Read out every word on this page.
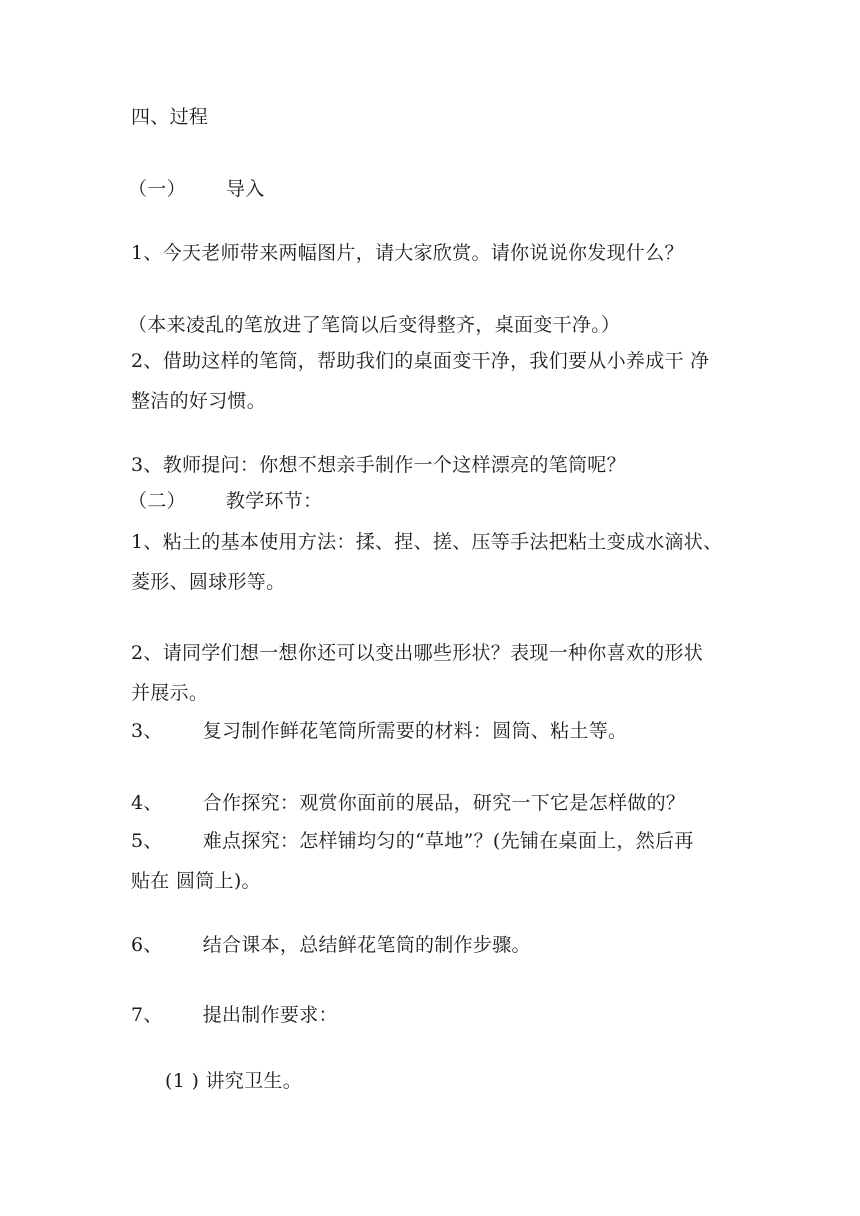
四、过程
（一） 导入
1、今天老师带来两幅图片，请大家欣赏。请你说说你发现什么？
（本来凌乱的笔放进了笔筒以后变得整齐，桌面变干净。）
2、借助这样的笔筒，帮助我们的桌面变干净，我们要从小养成干 净
整洁的好习惯。
3、教师提问：你想不想亲手制作一个这样漂亮的笔筒呢？
（二） 教学环节：
1、粘土的基本使用方法：揉、捏、搓、压等手法把粘土变成水滴状、
菱形、圆球形等。
2、请同学们想一想你还可以变出哪些形状？表现一种你喜欢的形状
并展示。
3、 复习制作鲜花笔筒所需要的材料：圆筒、粘土等。
4、 合作探究：观赏你面前的展品，研究一下它是怎样做的？
5、 难点探究：怎样铺均匀的“草地”？(先铺在桌面上，然后再
贴在 圆筒上)。
6、 结合课本，总结鲜花笔筒的制作步骤。
7、 提出制作要求：
(1 ) 讲究卫生。
